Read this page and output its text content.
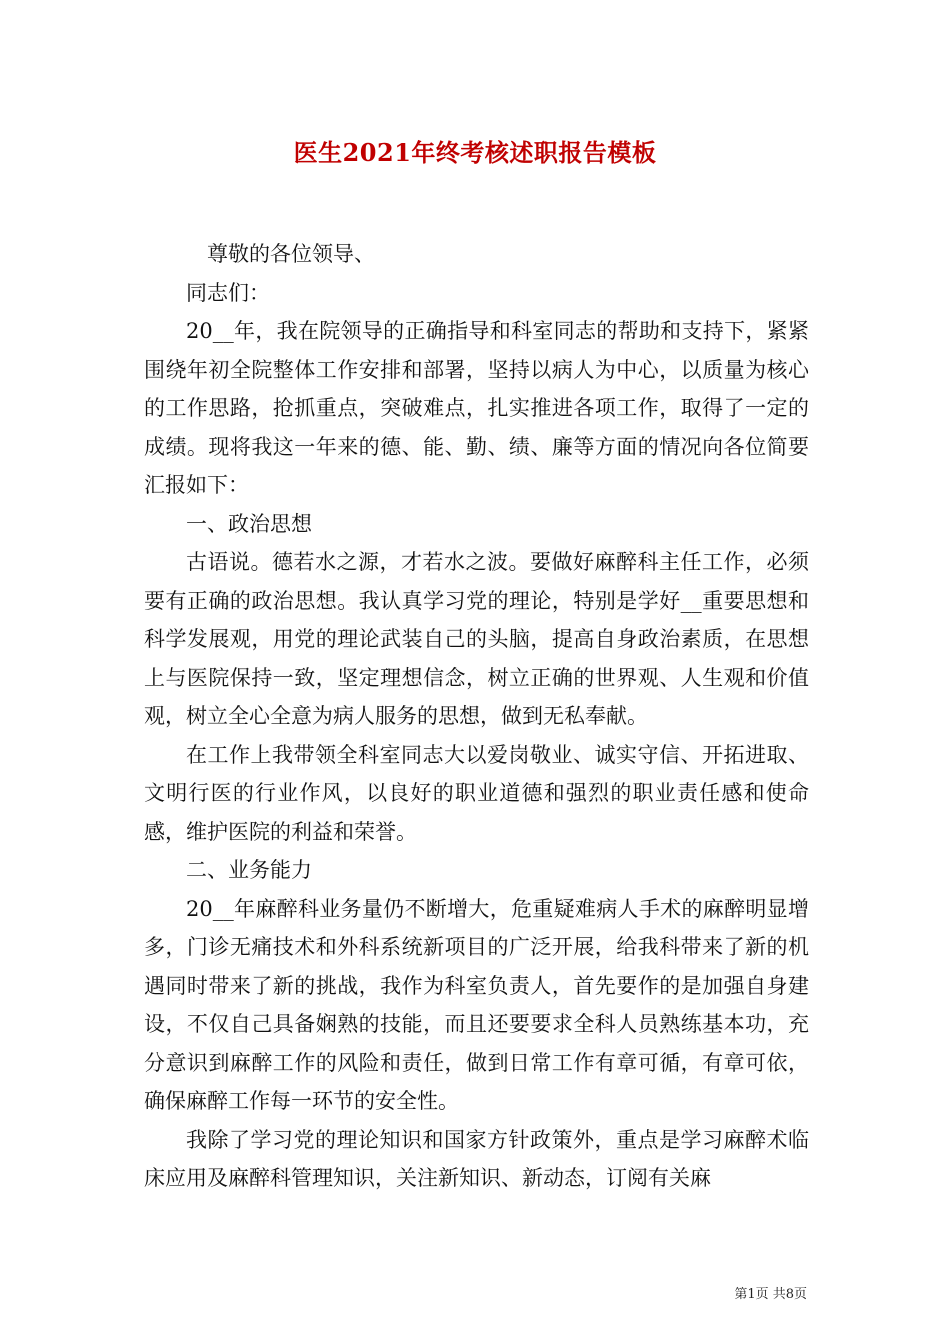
医生2021年终考核述职报告模板

尊敬的各位领导、

同志们：

20__年，我在院领导的正确指导和科室同志的帮助和支持下，紧紧围绕年初全院整体工作安排和部署，坚持以病人为中心，以质量为核心的工作思路，抢抓重点，突破难点，扎实推进各项工作，取得了一定的成绩。现将我这一年来的德、能、勤、绩、廉等方面的情况向各位简要汇报如下：

一、政治思想

古语说。德若水之源，才若水之波。要做好麻醉科主任工作，必须要有正确的政治思想。我认真学习党的理论，特别是学好__重要思想和科学发展观，用党的理论武装自己的头脑，提高自身政治素质，在思想上与医院保持一致，坚定理想信念，树立正确的世界观、人生观和价值观，树立全心全意为病人服务的思想，做到无私奉献。

在工作上我带领全科室同志大以爱岗敬业、诚实守信、开拓进取、文明行医的行业作风，以良好的职业道德和强烈的职业责任感和使命感，维护医院的利益和荣誉。

二、业务能力

20__年麻醉科业务量仍不断增大，危重疑难病人手术的麻醉明显增多，门诊无痛技术和外科系统新项目的广泛开展，给我科带来了新的机遇同时带来了新的挑战，我作为科室负责人，首先要作的是加强自身建设，不仅自己具备娴熟的技能，而且还要要求全科人员熟练基本功，充分意识到麻醉工作的风险和责任，做到日常工作有章可循，有章可依，确保麻醉工作每一环节的安全性。

我除了学习党的理论知识和国家方针政策外，重点是学习麻醉术临床应用及麻醉科管理知识，关注新知识、新动态，订阅有关麻

第1页 共8页
